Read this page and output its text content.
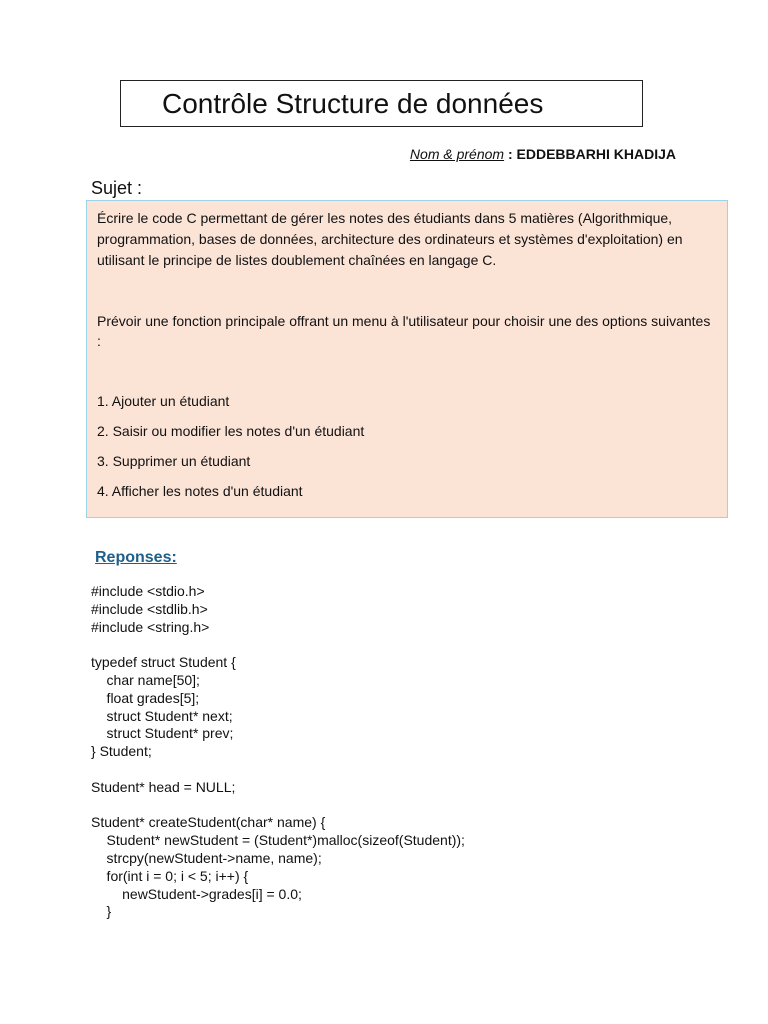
Contrôle Structure de données
Nom & prénom : EDDEBBARHI KHADIJA
Sujet :

Écrire le code C permettant de gérer les notes des étudiants dans 5 matières (Algorithmique, programmation, bases de données, architecture des ordinateurs et systèmes d'exploitation) en utilisant le principe de listes doublement chaînées en langage C.

Prévoir une fonction principale offrant un menu à l'utilisateur pour choisir une des options suivantes :

1. Ajouter un étudiant
2. Saisir ou modifier les notes d'un étudiant
3. Supprimer un étudiant
4. Afficher les notes d'un étudiant
Reponses:
#include <stdio.h>
#include <stdlib.h>
#include <string.h>
typedef struct Student {
char name[50];
float grades[5];
struct Student* next;
struct Student* prev;
} Student;
Student* head = NULL;
Student* createStudent(char* name) {
Student* newStudent = (Student*)malloc(sizeof(Student));
strcpy(newStudent->name, name);
for(int i = 0; i < 5; i++) {
newStudent->grades[i] = 0.0;
}
